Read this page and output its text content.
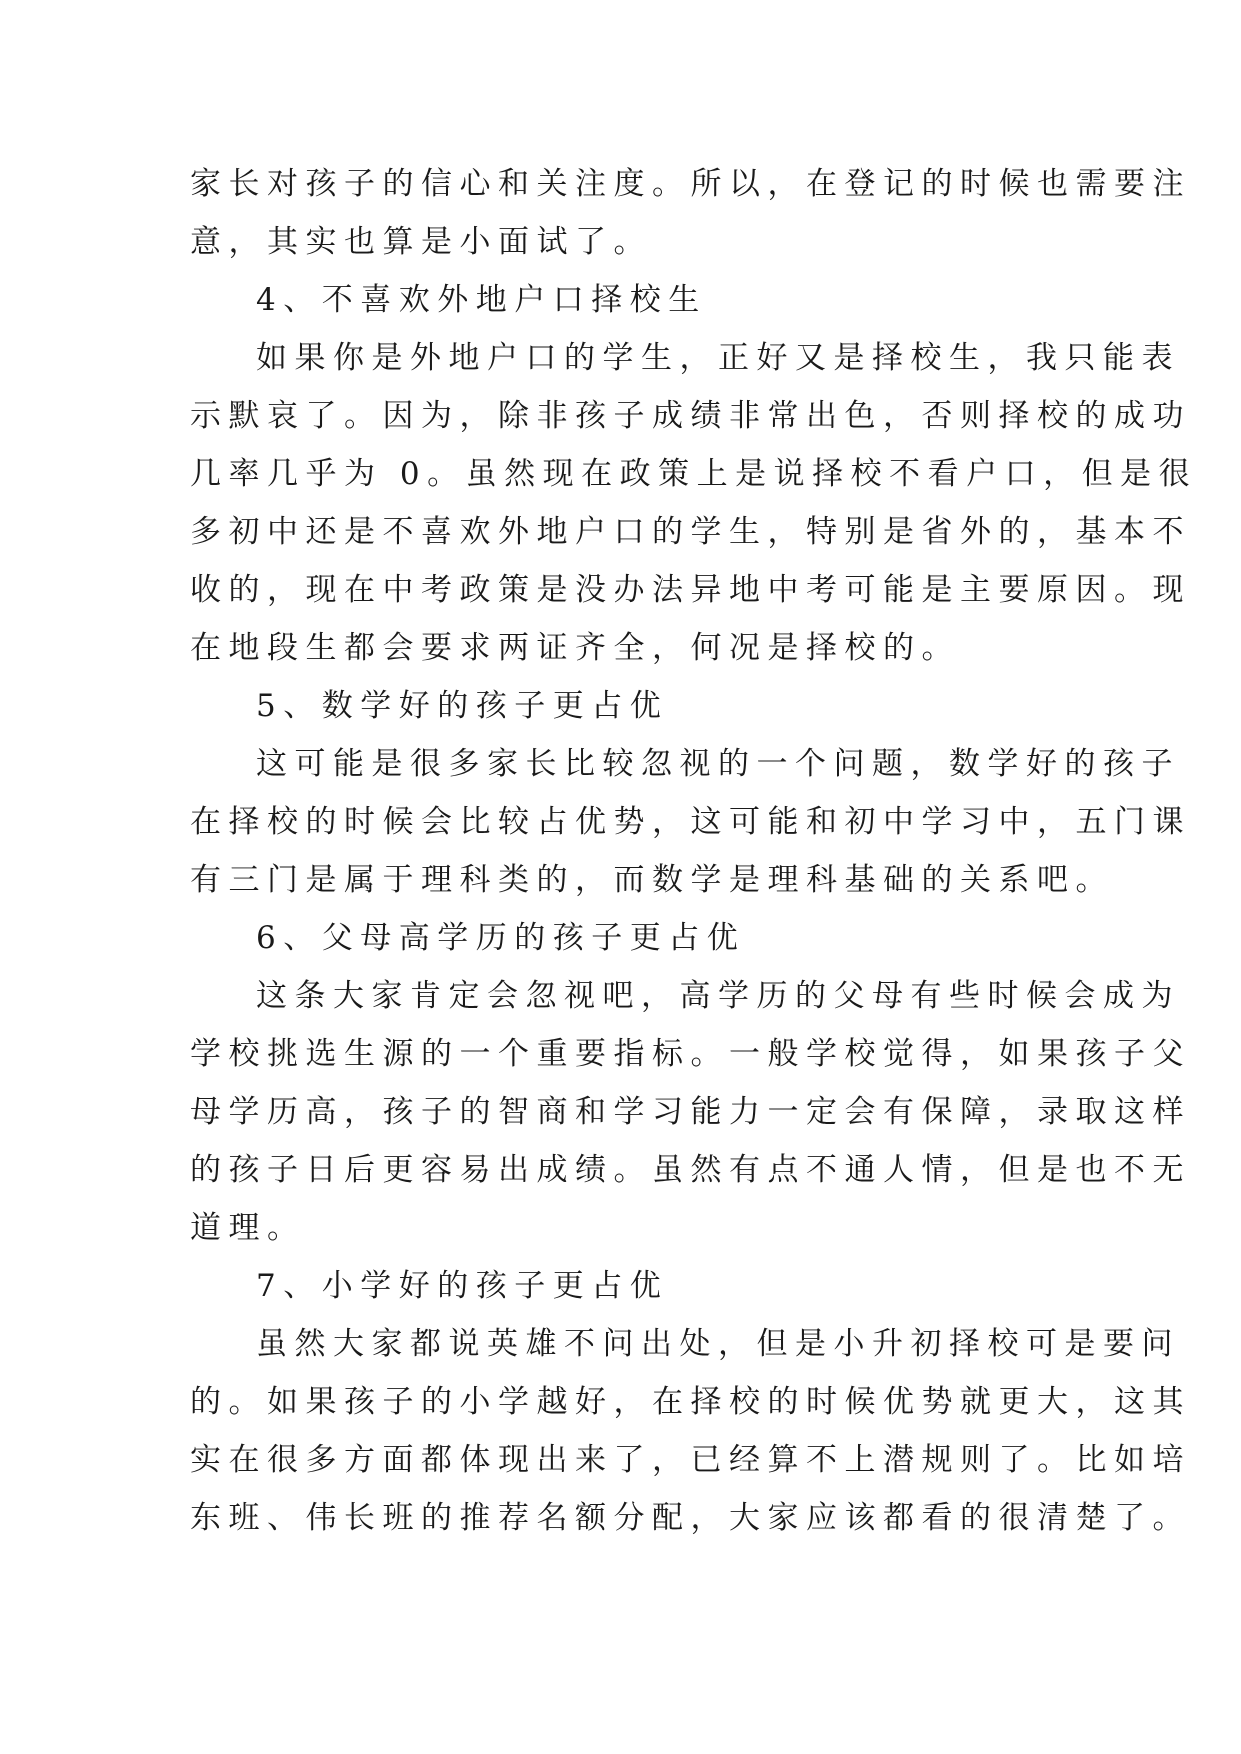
家长对孩子的信心和关注度。所以，在登记的时候也需要注
意，其实也算是小面试了。
4、不喜欢外地户口择校生
如果你是外地户口的学生，正好又是择校生，我只能表
示默哀了。因为，除非孩子成绩非常出色，否则择校的成功
几率几乎为 0。虽然现在政策上是说择校不看户口，但是很
多初中还是不喜欢外地户口的学生，特别是省外的，基本不
收的，现在中考政策是没办法异地中考可能是主要原因。现
在地段生都会要求两证齐全，何况是择校的。
5、数学好的孩子更占优
这可能是很多家长比较忽视的一个问题，数学好的孩子
在择校的时候会比较占优势，这可能和初中学习中，五门课
有三门是属于理科类的，而数学是理科基础的关系吧。
6、父母高学历的孩子更占优
这条大家肯定会忽视吧，高学历的父母有些时候会成为
学校挑选生源的一个重要指标。一般学校觉得，如果孩子父
母学历高，孩子的智商和学习能力一定会有保障，录取这样
的孩子日后更容易出成绩。虽然有点不通人情，但是也不无
道理。
7、小学好的孩子更占优
虽然大家都说英雄不问出处，但是小升初择校可是要问
的。如果孩子的小学越好，在择校的时候优势就更大，这其
实在很多方面都体现出来了，已经算不上潜规则了。比如培
东班、伟长班的推荐名额分配，大家应该都看的很清楚了。
